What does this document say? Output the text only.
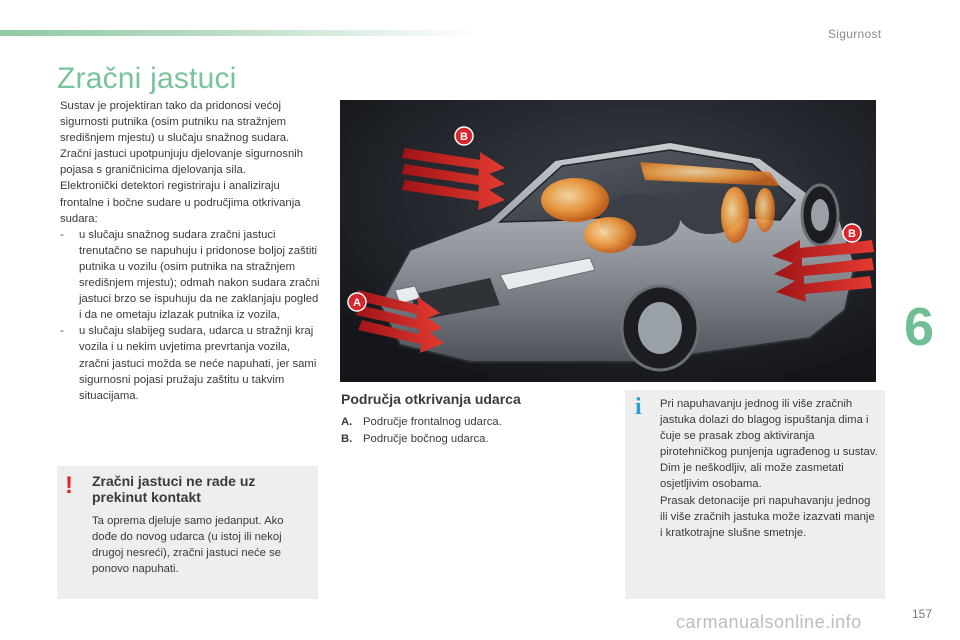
Sigurnost
6
Zračni jastuci

Sustav je projektiran tako da pridonosi većoj sigurnosti putnika (osim putniku na stražnjem središnjem mjestu) u slučaju snažnog sudara.

Zračni jastuci upotpunjuju djelovanje sigurnosnih pojasa s graničnicima djelovanja sila.

Elektronički detektori registriraju i analiziraju frontalne i bočne sudare u područjima otkrivanja sudara:

- u slučaju snažnog sudara zračni jastuci trenutačno se napuhuju i pridonose boljoj zaštiti putnika u vozilu (osim putnika na stražnjem središnjem mjestu); odmah nakon sudara zračni jastuci brzo se ispuhuju da ne zaklanjaju pogled i da ne ometaju izlazak putnika iz vozila,
- u slučaju slabijeg sudara, udarca u stražnji kraj vozila i u nekim uvjetima prevrtanja vozila, zračni jastuci možda se neće napuhati, jer sami sigurnosni pojasi pružaju zaštitu u takvim situacijama.
B
B
A
Područja otkrivanja udarca
A. Područje frontalnog udarca.
B. Područje bočnog udarca.
! Zračni jastuci ne rade uz prekinut kontakt
Ta oprema djeluje samo jedanput. Ako dođe do novog udarca (u istoj ili nekoj drugoj nesreći), zračni jastuci neće se ponovo napuhati.
i Pri napuhavanju jednog ili više zračnih jastuka dolazi do blagog ispuštanja dima i čuje se prasak zbog aktiviranja pirotehničkog punjenja ugrađenog u sustav.

Dim je neškodljiv, ali može zasmetati osjetljivim osobama.

Prasak detonacije pri napuhavanju jednog ili više zračnih jastuka može izazvati manje i kratkotrajne slušne smetnje.

carmanualsonline.info	157
